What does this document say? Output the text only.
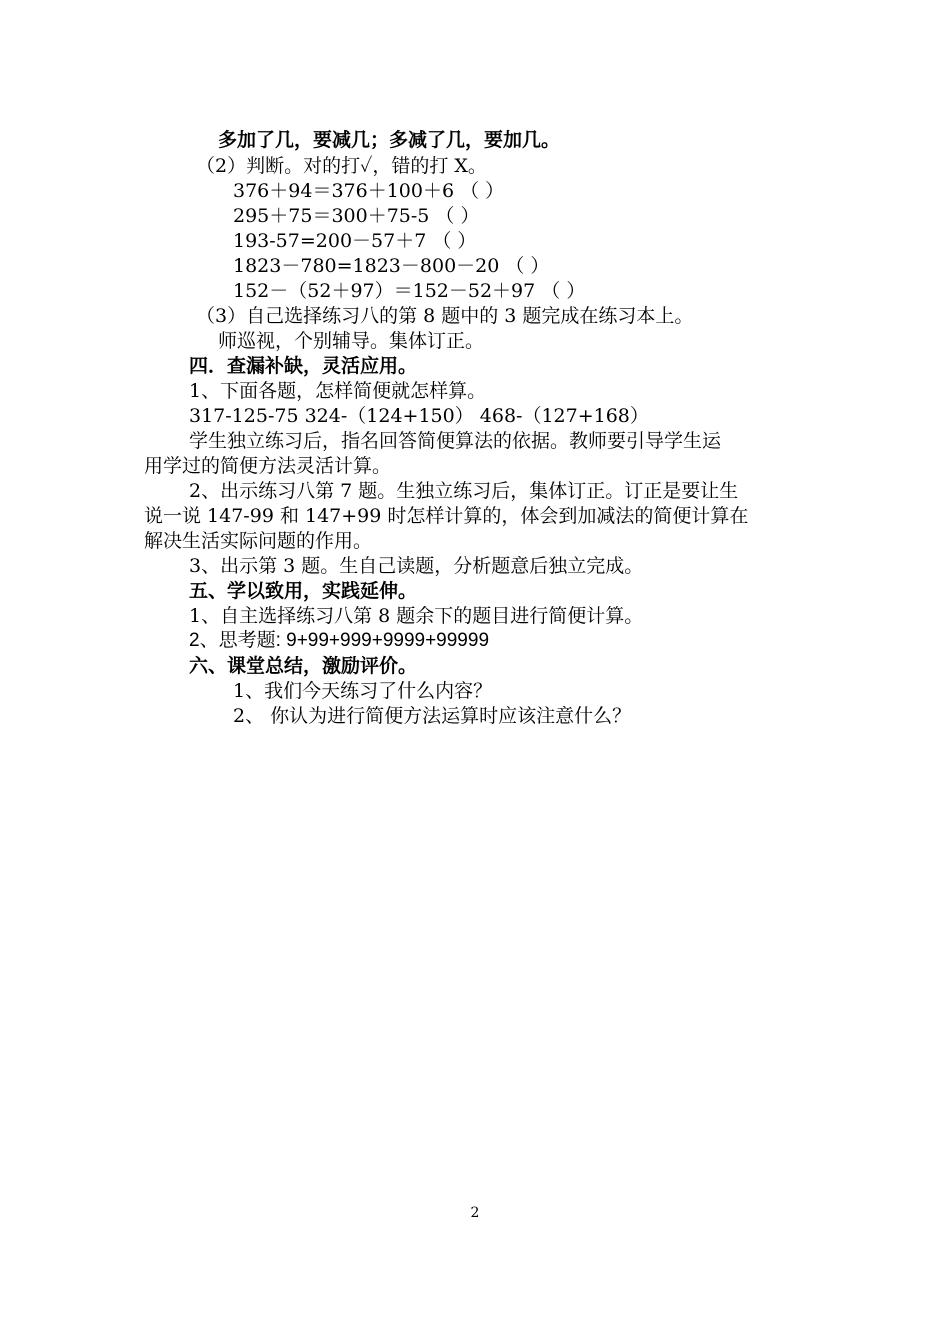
多加了几，要减几；多减了几，要加几。
（2）判断。对的打✓，错的打 X。
376＋94＝376＋100＋6 （ ）
295＋75＝300＋75-5 （ ）
193-57=200－57＋7 （ ）
1823－780=1823－800－20 （ ）
152－（52＋97）＝152－52＋97 （ ）
（3）自己选择练习八的第 8 题中的 3 题完成在练习本上。
师巡视，个别辅导。集体订正。
四．查漏补缺，灵活应用。
1、下面各题，怎样简便就怎样算。
317-125-75 324-（124+150） 468-（127+168）
学生独立练习后，指名回答简便算法的依据。教师要引导学生运
用学过的简便方法灵活计算。
2、出示练习八第 7 题。生独立练习后，集体订正。订正是要让生
说一说 147-99 和 147+99 时怎样计算的，体会到加减法的简便计算在
解决生活实际问题的作用。
3、出示第 3 题。生自己读题，分析题意后独立完成。
五、学以致用，实践延伸。
1、自主选择练习八第 8 题余下的题目进行简便计算。
2、思考题: 9+99+999+9999+99999
六、课堂总结，激励评价。
1、我们今天练习了什么内容？
2、 你认为进行简便方法运算时应该注意什么？
2
